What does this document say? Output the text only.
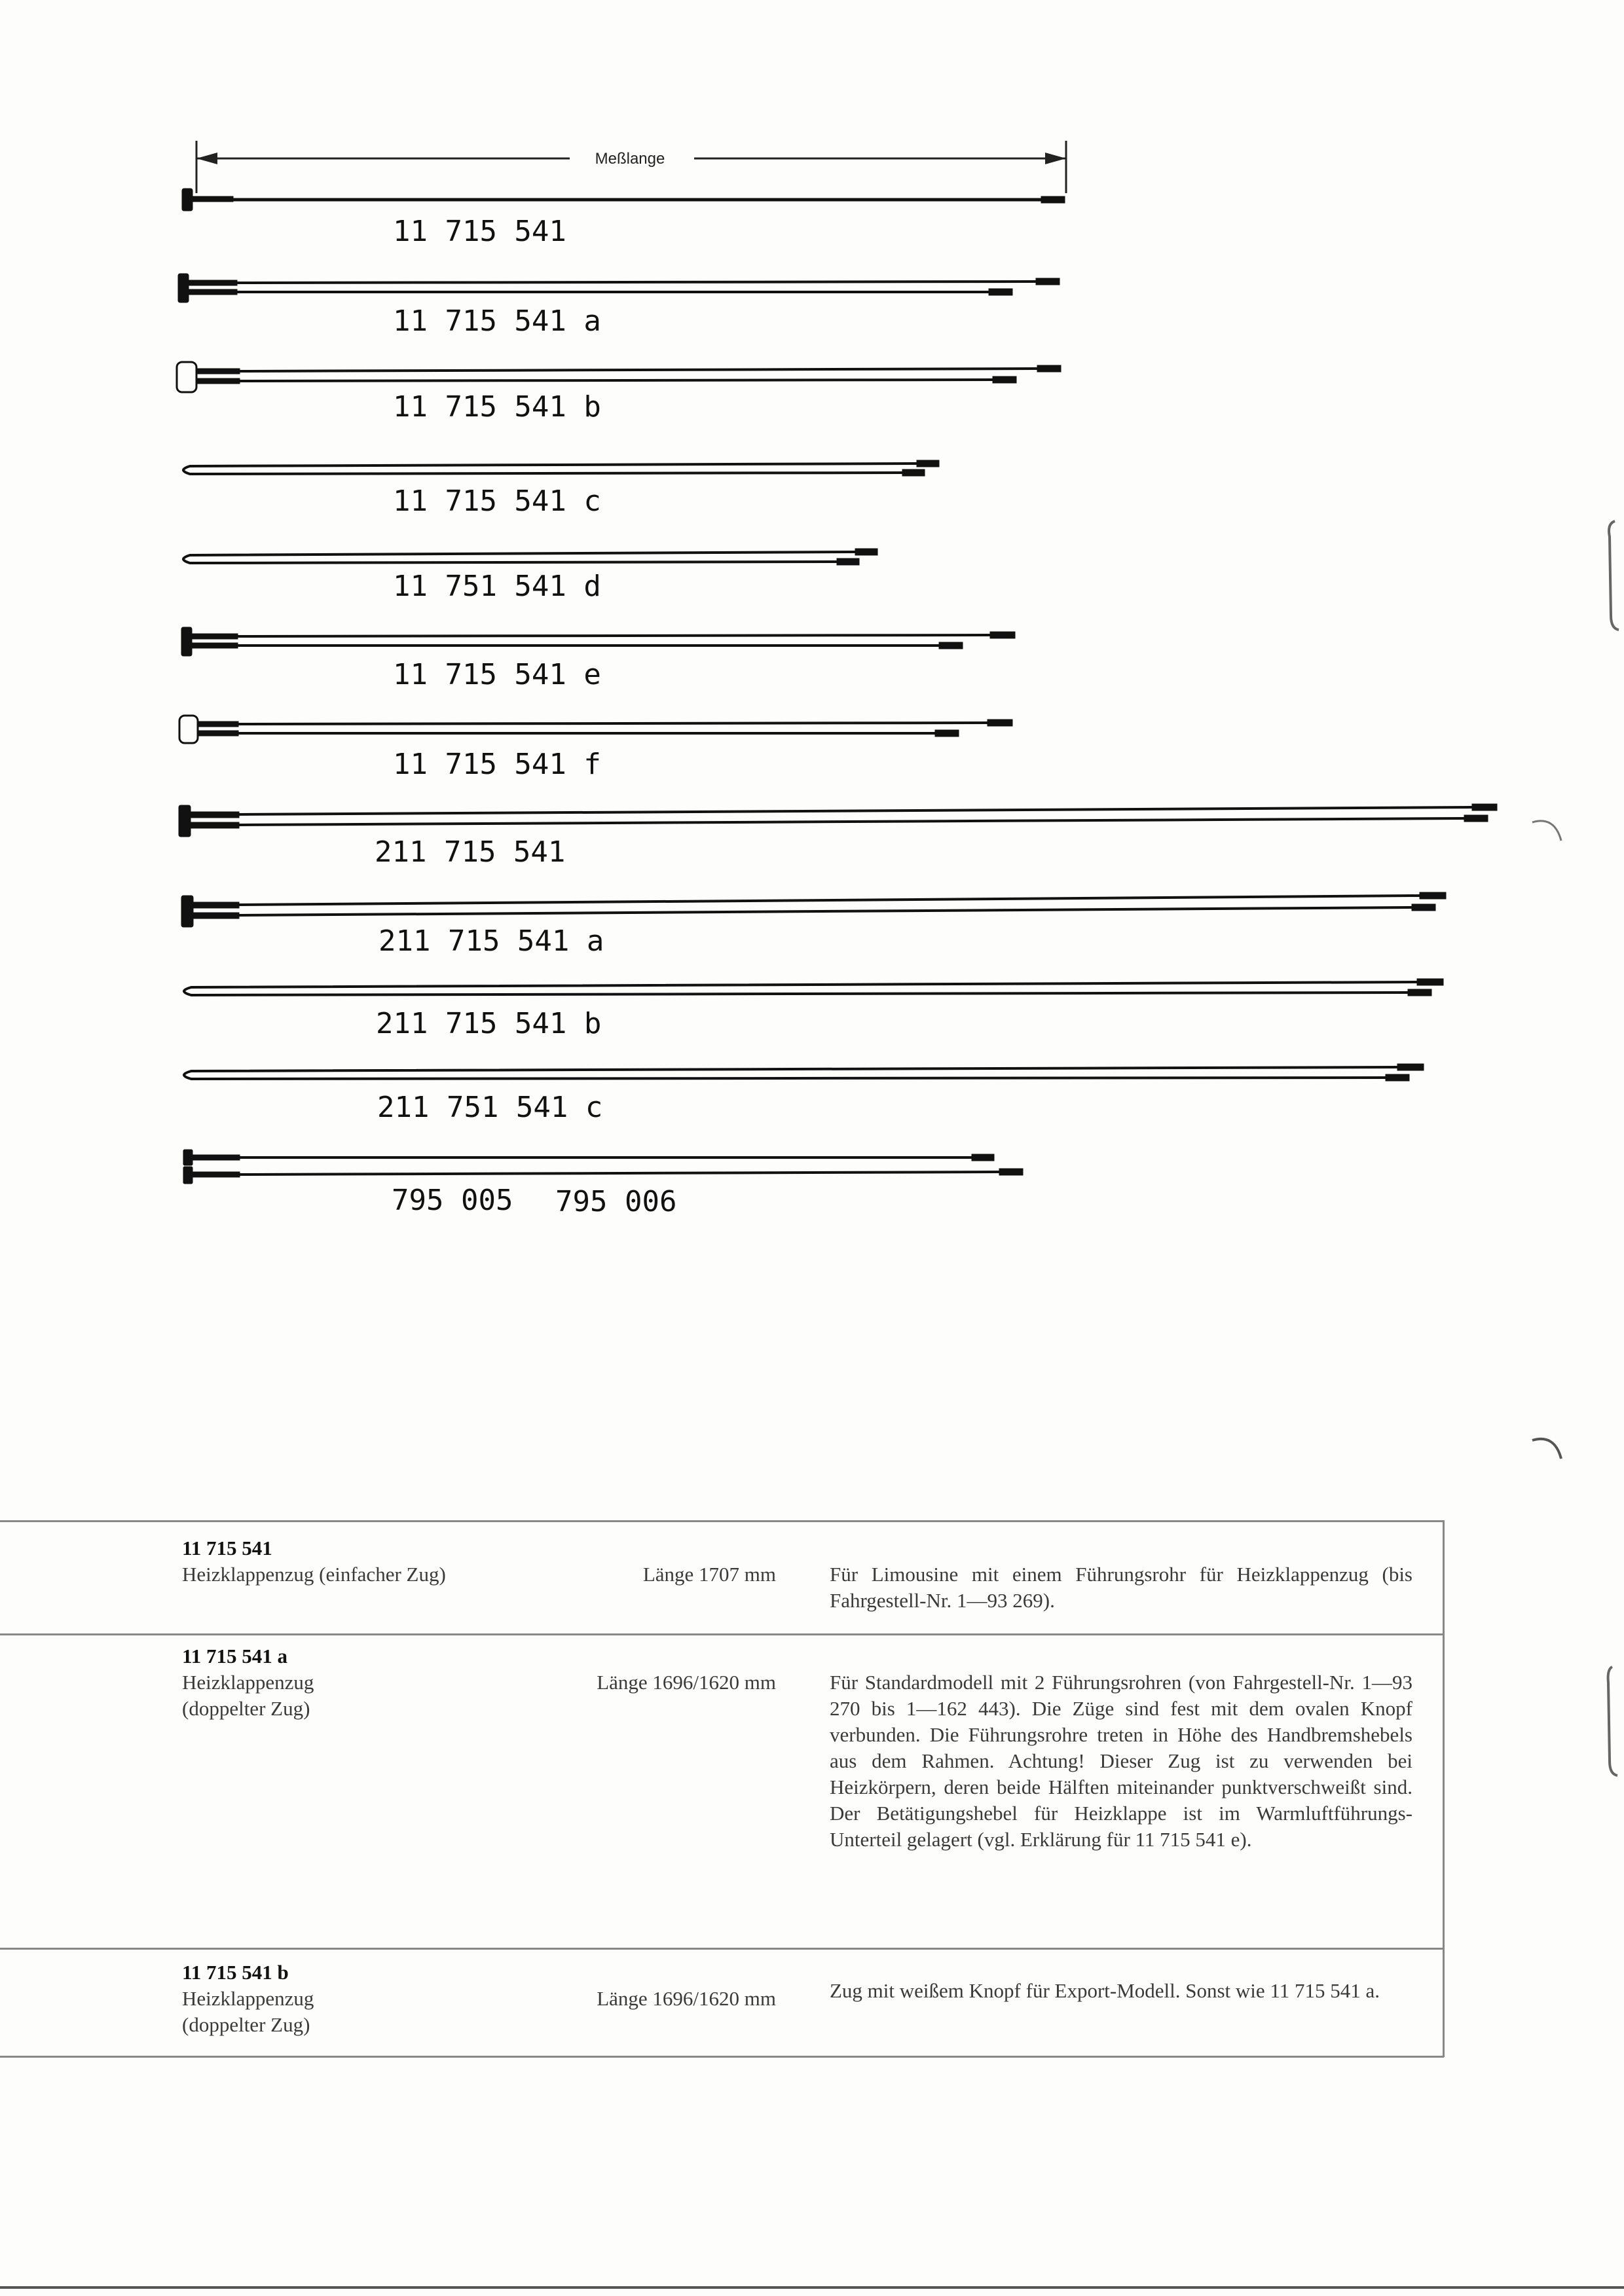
Meßlange
11 715 541
11 715 541 a
11 715 541 b
11 715 541 c
11 751 541 d
11 715 541 e
11 715 541 f
211 715 541
211 715 541 a
211 715 541 b
211 751 541 c
795 005 795 006
11 715 541
Heizklappenzug (einfacher Zug)	Länge 1707 mm	Für Limousine mit einem Führungsrohr für Heizklappenzug (bis Fahrgestell-Nr. 1—93 269).
11 715 541 a
Heizklappenzug
(doppelter Zug)
Länge 1696/1620 mm	Für Standardmodell mit 2 Führungsrohren (von Fahrgestell-Nr. 1—93 270 bis 1—162 443). Die Züge sind fest mit dem ovalen Knopf verbunden. Die Führungsrohre treten in Höhe des Handbremshebels aus dem Rahmen. Achtung! Dieser Zug ist zu verwenden bei Heizkörpern, deren beide Hälften miteinander punktverschweißt sind. Der Betätigungshebel für Heizklappe ist im Warmluftführungs-Unterteil gelagert (vgl. Erklärung für 11 715 541 e).
11 715 541 b
Heizklappenzug
(doppelter Zug)
Länge 1696/1620 mm	Zug mit weißem Knopf für Export-Modell. Sonst wie 11 715 541 a.
